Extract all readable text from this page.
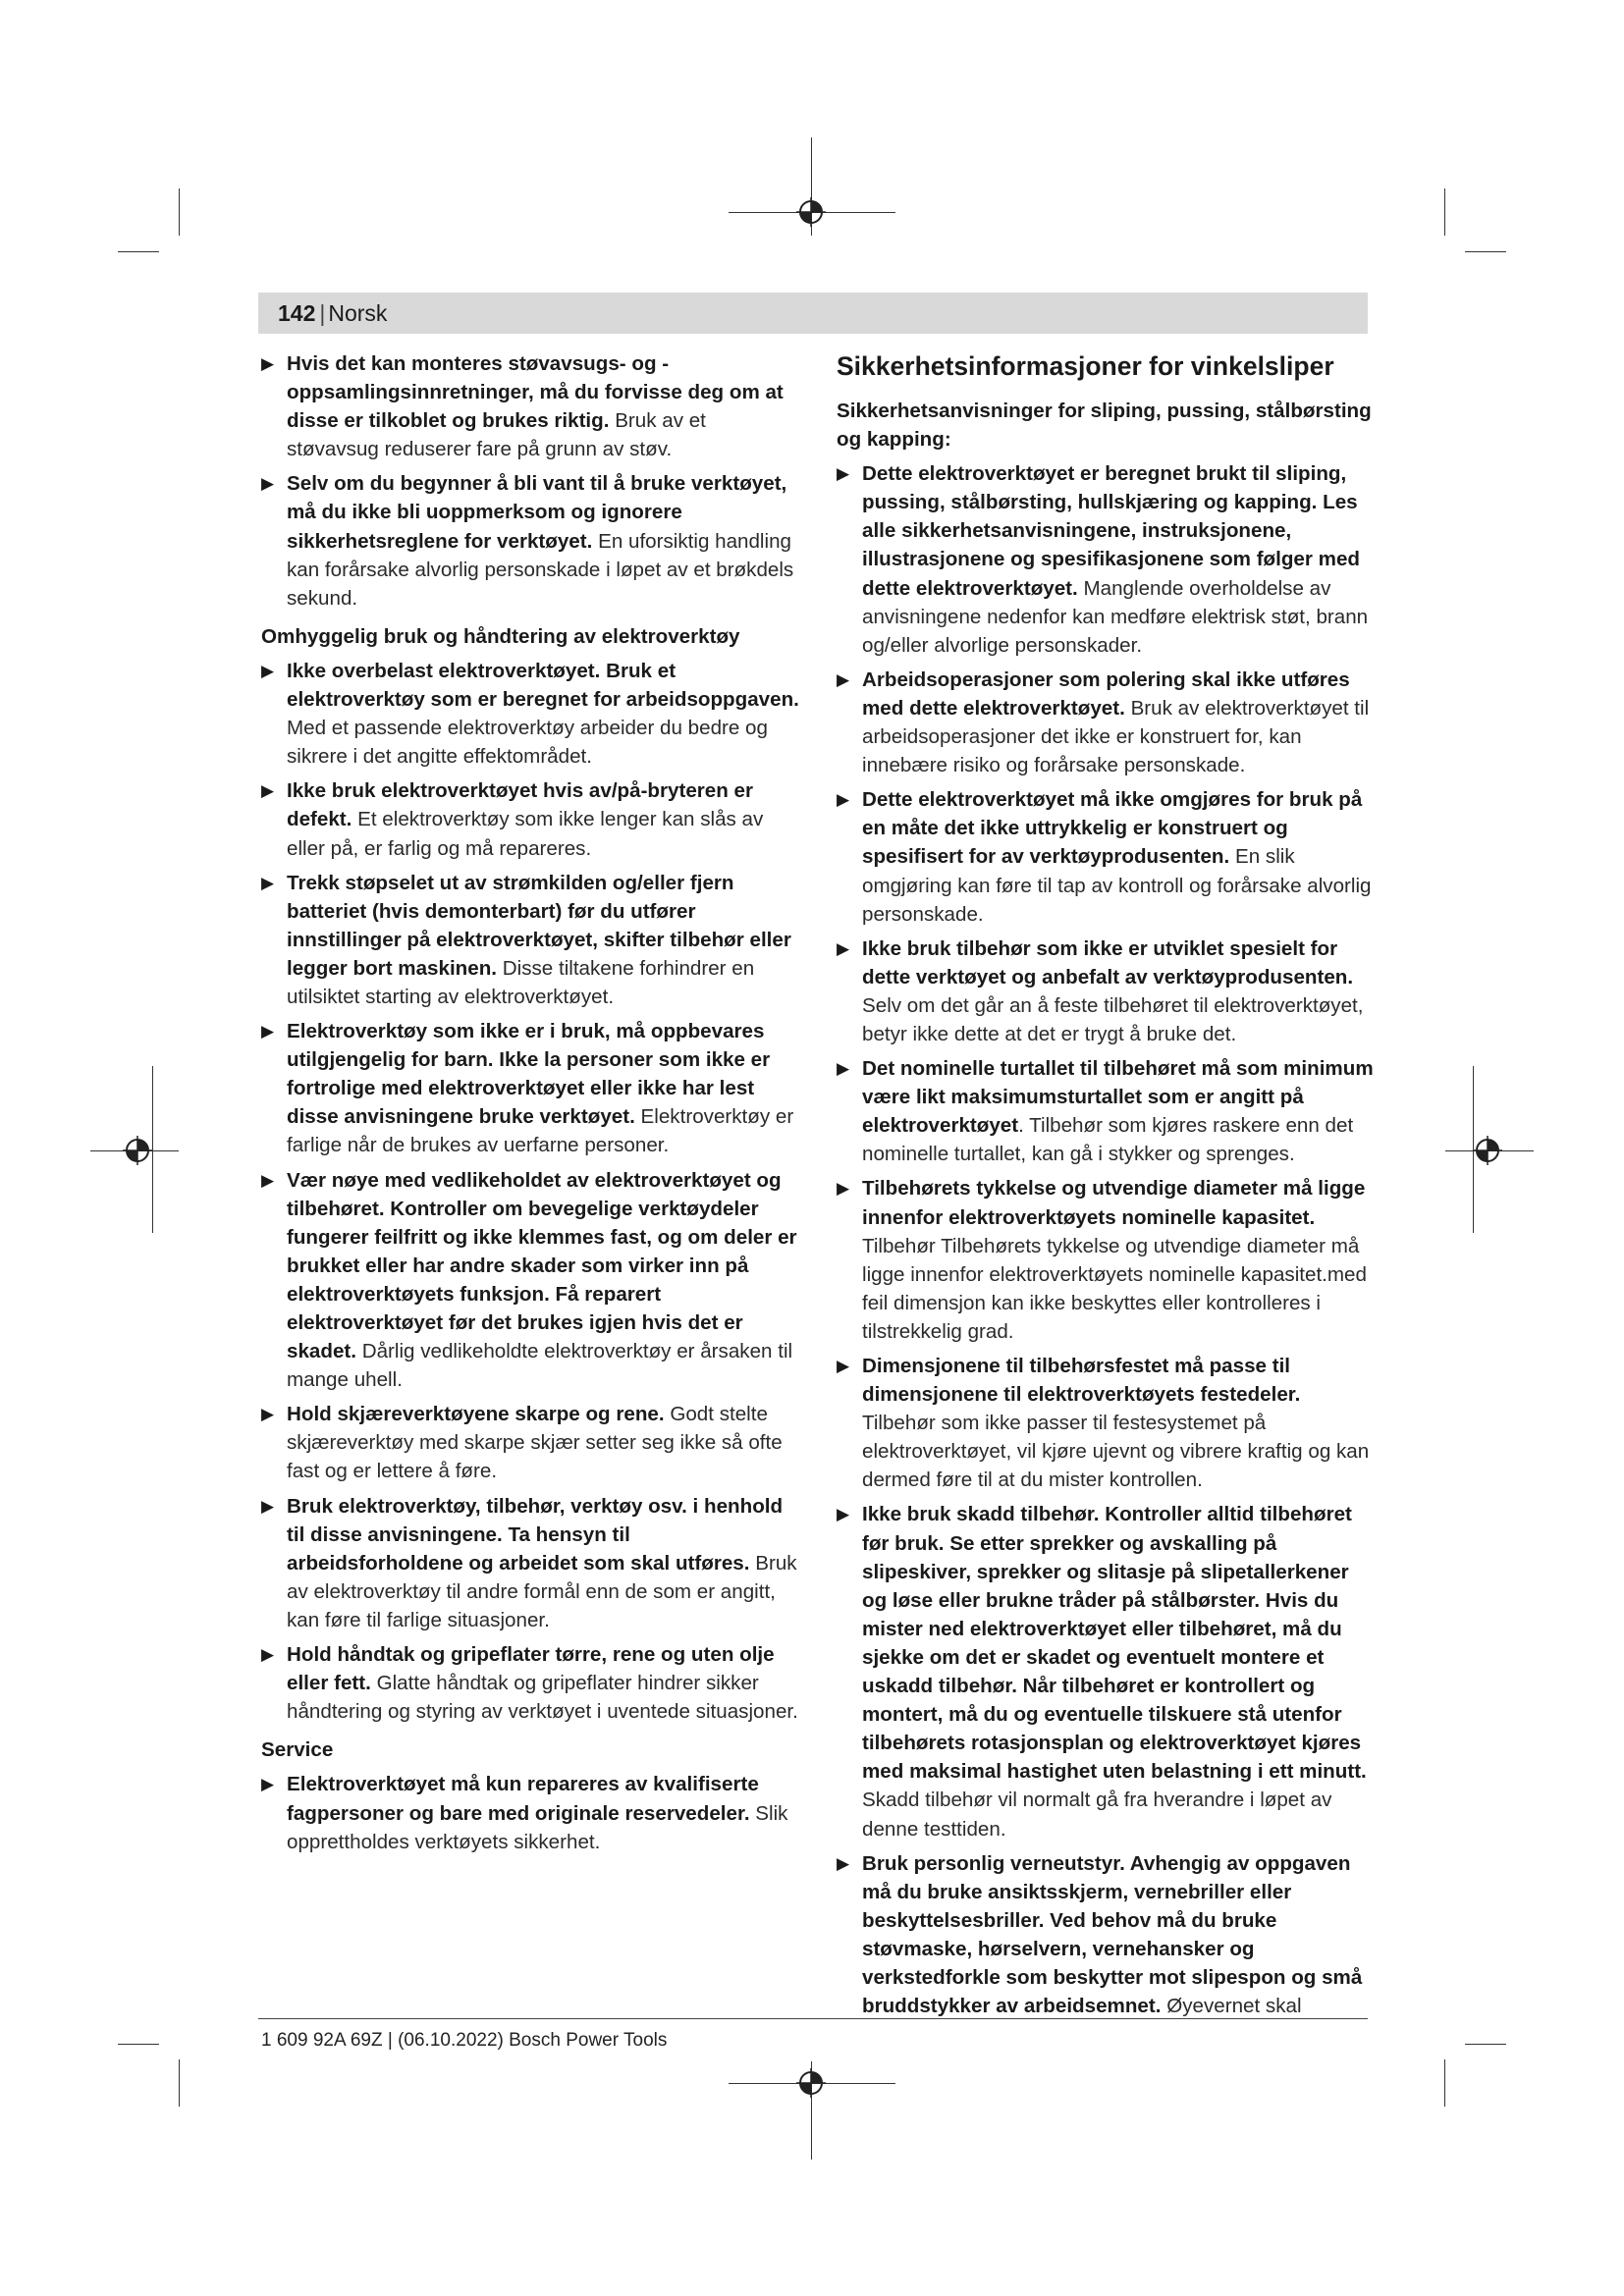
142 | Norsk
▶ Hvis det kan monteres støvavsugs- og -oppsamlingsinnretninger, må du forvisse deg om at disse er tilkoblet og brukes riktig. Bruk av et støvavsug reduserer fare på grunn av støv.
▶ Selv om du begynner å bli vant til å bruke verktøyet, må du ikke bli uoppmerksom og ignorere sikkerhetsreglene for verktøyet. En uforsiktig handling kan forårsake alvorlig personskade i løpet av et brøkdels sekund.
Omhyggelig bruk og håndtering av elektroverktøy
▶ Ikke overbelast elektroverktøyet. Bruk et elektroverktøy som er beregnet for arbeidsoppgaven. Med et passende elektroverktøy arbeider du bedre og sikrere i det angitte effektområdet.
▶ Ikke bruk elektroverktøyet hvis av/på-bryteren er defekt. Et elektroverktøy som ikke lenger kan slås av eller på, er farlig og må repareres.
▶ Trekk støpselet ut av strømkilden og/eller fjern batteriet (hvis demonterbart) før du utfører innstillinger på elektroverktøyet, skifter tilbehør eller legger bort maskinen. Disse tiltakene forhindrer en utilsiktet starting av elektroverktøyet.
▶ Elektroverktøy som ikke er i bruk, må oppbevares utilgjengelig for barn. Ikke la personer som ikke er fortrolige med elektroverktøyet eller ikke har lest disse anvisningene bruke verktøyet. Elektroverktøy er farlige når de brukes av uerfarne personer.
▶ Vær nøye med vedlikeholdet av elektroverktøyet og tilbehøret. Kontroller om bevegelige verktøydeler fungerer feilfritt og ikke klemmes fast, og om deler er brukket eller har andre skader som virker inn på elektroverktøyets funksjon. Få reparert elektroverktøyet før det brukes igjen hvis det er skadet. Dårlig vedlikeholdte elektroverktøy er årsaken til mange uhell.
▶ Hold skjæreverktøyene skarpe og rene. Godt stelte skjæreverktøy med skarpe skjær setter seg ikke så ofte fast og er lettere å føre.
▶ Bruk elektroverktøy, tilbehør, verktøy osv. i henhold til disse anvisningene. Ta hensyn til arbeidsforholdene og arbeidet som skal utføres. Bruk av elektroverktøy til andre formål enn de som er angitt, kan føre til farlige situasjoner.
▶ Hold håndtak og gripeflater tørre, rene og uten olje eller fett. Glatte håndtak og gripeflater hindrer sikker håndtering og styring av verktøyet i uventede situasjoner.
Service
▶ Elektroverktøyet må kun repareres av kvalifiserte fagpersoner og bare med originale reservedeler. Slik opprettholdes verktøyets sikkerhet.
Sikkerhetsinformasjoner for vinkelsliper
Sikkerhetsanvisninger for sliping, pussing, stålbørsting og kapping:
▶ Dette elektroverktøyet er beregnet brukt til sliping, pussing, stålbørsting, hullskjæring og kapping. Les alle sikkerhetsanvisningene, instruksjonene, illustrasjonene og spesifikasjonene som følger med dette elektroverktøyet. Manglende overholdelse av anvisningene nedenfor kan medføre elektrisk støt, brann og/eller alvorlige personskader.
▶ Arbeidsoperasjoner som polering skal ikke utføres med dette elektroverktøyet. Bruk av elektroverktøyet til arbeidsoperasjoner det ikke er konstruert for, kan innebære risiko og forårsake personskade.
▶ Dette elektroverktøyet må ikke omgjøres for bruk på en måte det ikke uttrykkelig er konstruert og spesifisert for av verktøyprodusenten. En slik omgjøring kan føre til tap av kontroll og forårsake alvorlig personskade.
▶ Ikke bruk tilbehør som ikke er utviklet spesielt for dette verktøyet og anbefalt av verktøyprodusenten. Selv om det går an å feste tilbehøret til elektroverktøyet, betyr ikke dette at det er trygt å bruke det.
▶ Det nominelle turtallet til tilbehøret må som minimum være likt maksimumsturtallet som er angitt på elektroverktøyet. Tilbehør som kjøres raskere enn det nominelle turtallet, kan gå i stykker og sprenges.
▶ Tilbehørets tykkelse og utvendige diameter må ligge innenfor elektroverktøyets nominelle kapasitet. Tilbehør Tilbehørets tykkelse og utvendige diameter må ligge innenfor elektroverktøyets nominelle kapasitet.med feil dimensjon kan ikke beskyttes eller kontrolleres i tilstrekkelig grad.
▶ Dimensjonene til tilbehørsfestet må passe til dimensjonene til elektroverktøyets festedeler. Tilbehør som ikke passer til festesystemet på elektroverktøyet, vil kjøre ujevnt og vibrere kraftig og kan dermed føre til at du mister kontrollen.
▶ Ikke bruk skadd tilbehør. Kontroller alltid tilbehøret før bruk. Se etter sprekker og avskalling på slipeskiver, sprekker og slitasje på slipetallerkener og løse eller brukne tråder på stålbørster. Hvis du mister ned elektroverktøyet eller tilbehøret, må du sjekke om det er skadet og eventuelt montere et uskadd tilbehør. Når tilbehøret er kontrollert og montert, må du og eventuelle tilskuere stå utenfor tilbehørets rotasjonsplan og elektroverktøyet kjøres med maksimal hastighet uten belastning i ett minutt. Skadd tilbehør vil normalt gå fra hverandre i løpet av denne testtiden.
▶ Bruk personlig verneutstyr. Avhengig av oppgaven må du bruke ansiktsskjerm, vernebriller eller beskyttelsesbriller. Ved behov må du bruke støvmaske, hørselvern, vernehansker og verkstedforkle som beskytter mot slipespon og små bruddstykker av arbeidsemnet. Øyevernet skal
1 609 92A 69Z | (06.10.2022) Bosch Power Tools
